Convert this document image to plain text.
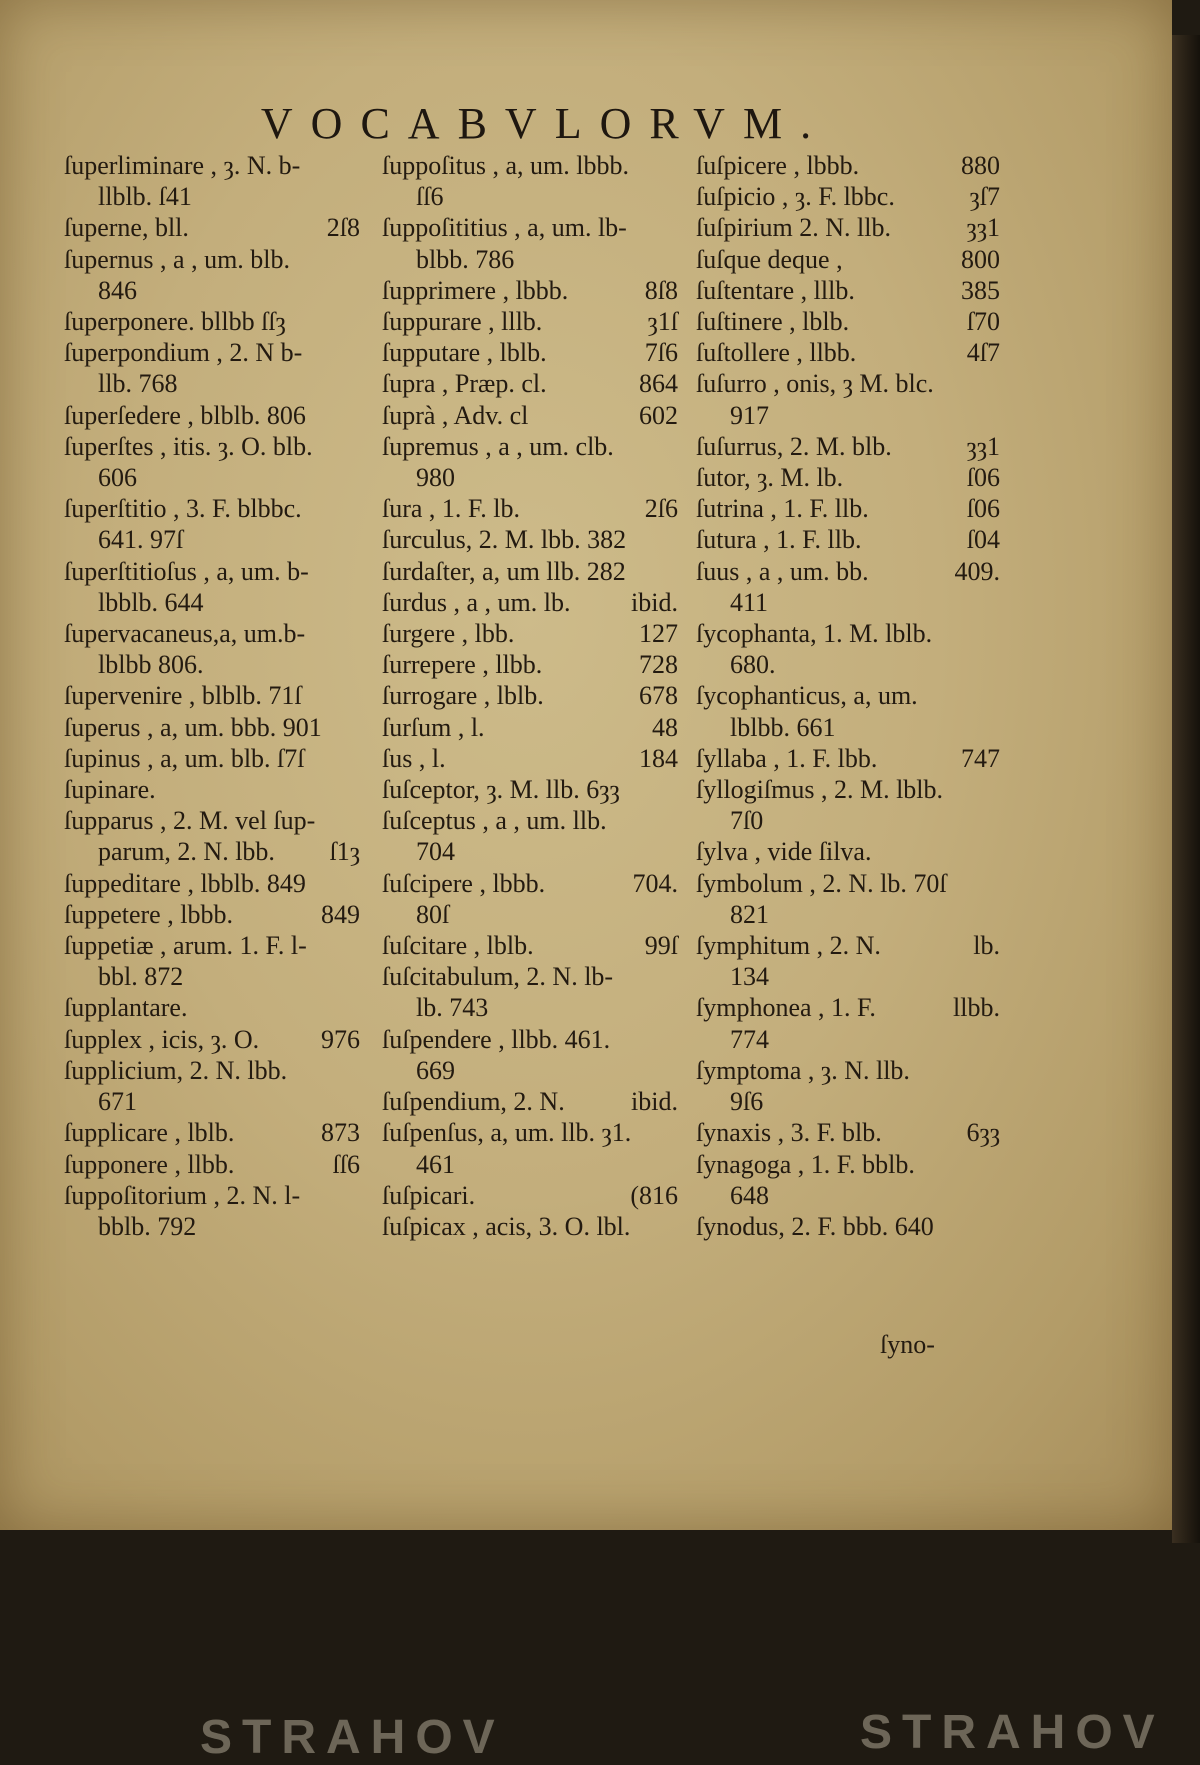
VOCABVLORVM.
ſuperliminare , ȝ. N. b-
llblb. ſ41
ſuperne, bll.	2ſ8
ſupernus , a , um. blb.
846
ſuperponere. bllbb ſſȝ
ſuperpondium , 2. N b-
llb. 768
ſuperſedere , blblb. 806
ſuperſtes , itis. ȝ. O. blb.
606
ſuperſtitio , 3. F. blbbc.
641. 97ſ
ſuperſtitioſus , a, um. b-
lbblb. 644
ſupervacaneus,a, um.b-
lblbb 806.
ſupervenire , blblb. 71ſ
ſuperus , a, um. bbb. 901
ſupinus , a, um. blb. ſ7ſ
ſupinare.
ſupparus , 2. M. vel ſup-
parum, 2. N. lbb. ſ1ȝ
ſuppeditare , lbblb. 849
ſuppetere , lbbb.	849
ſuppetiæ , arum. 1. F. l-
bbl. 872
ſupplantare.
ſupplex , icis, ȝ. O. 976
ſupplicium, 2. N. lbb.
671
ſupplicare , lblb.	873
ſupponere , llbb.	ſſ6
ſuppoſitorium , 2. N. l-
bblb. 792
ſuppoſitus , a, um. lbbb.
ſſ6
ſuppoſititius , a, um. lb-
blbb. 786
ſupprimere , lbbb.	8ſ8
ſuppurare , lllb.	ȝ1ſ
ſupputare , lblb.	7ſ6
ſupra , Præp. cl.	864
ſuprà , Adv. cl	602
ſupremus , a , um. clb.
980
ſura , 1. F. lb.	2ſ6
ſurculus, 2. M. lbb. 382
ſurdaſter, a, um llb. 282
ſurdus , a , um. lb. ibid.
ſurgere , lbb.	127
ſurrepere , llbb.	728
ſurrogare , lblb.	678
ſurſum , l.	48
ſus , l.	184
ſuſceptor, ȝ. M. llb. 6ȝȝ
ſuſceptus , a , um. llb.
704
ſuſcipere , lbbb.	704.
80ſ
ſuſcitare , lblb.	99ſ
ſuſcitabulum, 2. N. lb-
lb. 743
ſuſpendere , llbb. 461.
669
ſuſpendium, 2. N.	ibid.
ſuſpenſus, a, um. llb. ȝ1.
461
ſuſpicari.	(816
ſuſpicax , acis, 3. O. lbl.
ſuſpicere , lbbb.	880
ſuſpicio , ȝ. F. lbbc.	ȝſ7
ſuſpirium 2. N. llb.	ȝȝ1
ſuſque deque ,	800
ſuſtentare , lllb.	385
ſuſtinere , lblb.	ſ70
ſuſtollere , llbb.	4ſ7
ſuſurro , onis, ȝ M. blc.
917
ſuſurrus, 2. M. blb.	ȝȝ1
ſutor, ȝ. M. lb.	ſ06
ſutrina , 1. F. llb.	ſ06
ſutura , 1. F. llb.	ſ04
ſuus , a , um. bb.	409.
411
ſycophanta, 1. M. lblb.
680.
ſycophanticus, a, um.
lblbb. 661
ſyllaba , 1. F. lbb.	747
ſyllogiſmus , 2. M. lblb.
7ſ0
ſylva , vide ſilva.
ſymbolum , 2. N. lb. 70ſ
821
ſymphitum , 2. N.	lb.
134
ſymphonea , 1. F.	llbb.
774
ſymptoma , ȝ. N. llb.
9ſ6
ſynaxis , 3. F. blb.	6ȝȝ
ſynagoga , 1. F. bblb.
648
ſynodus, 2. F. bbb. 640
ſyno-
STRAHOV	STRAHOV
